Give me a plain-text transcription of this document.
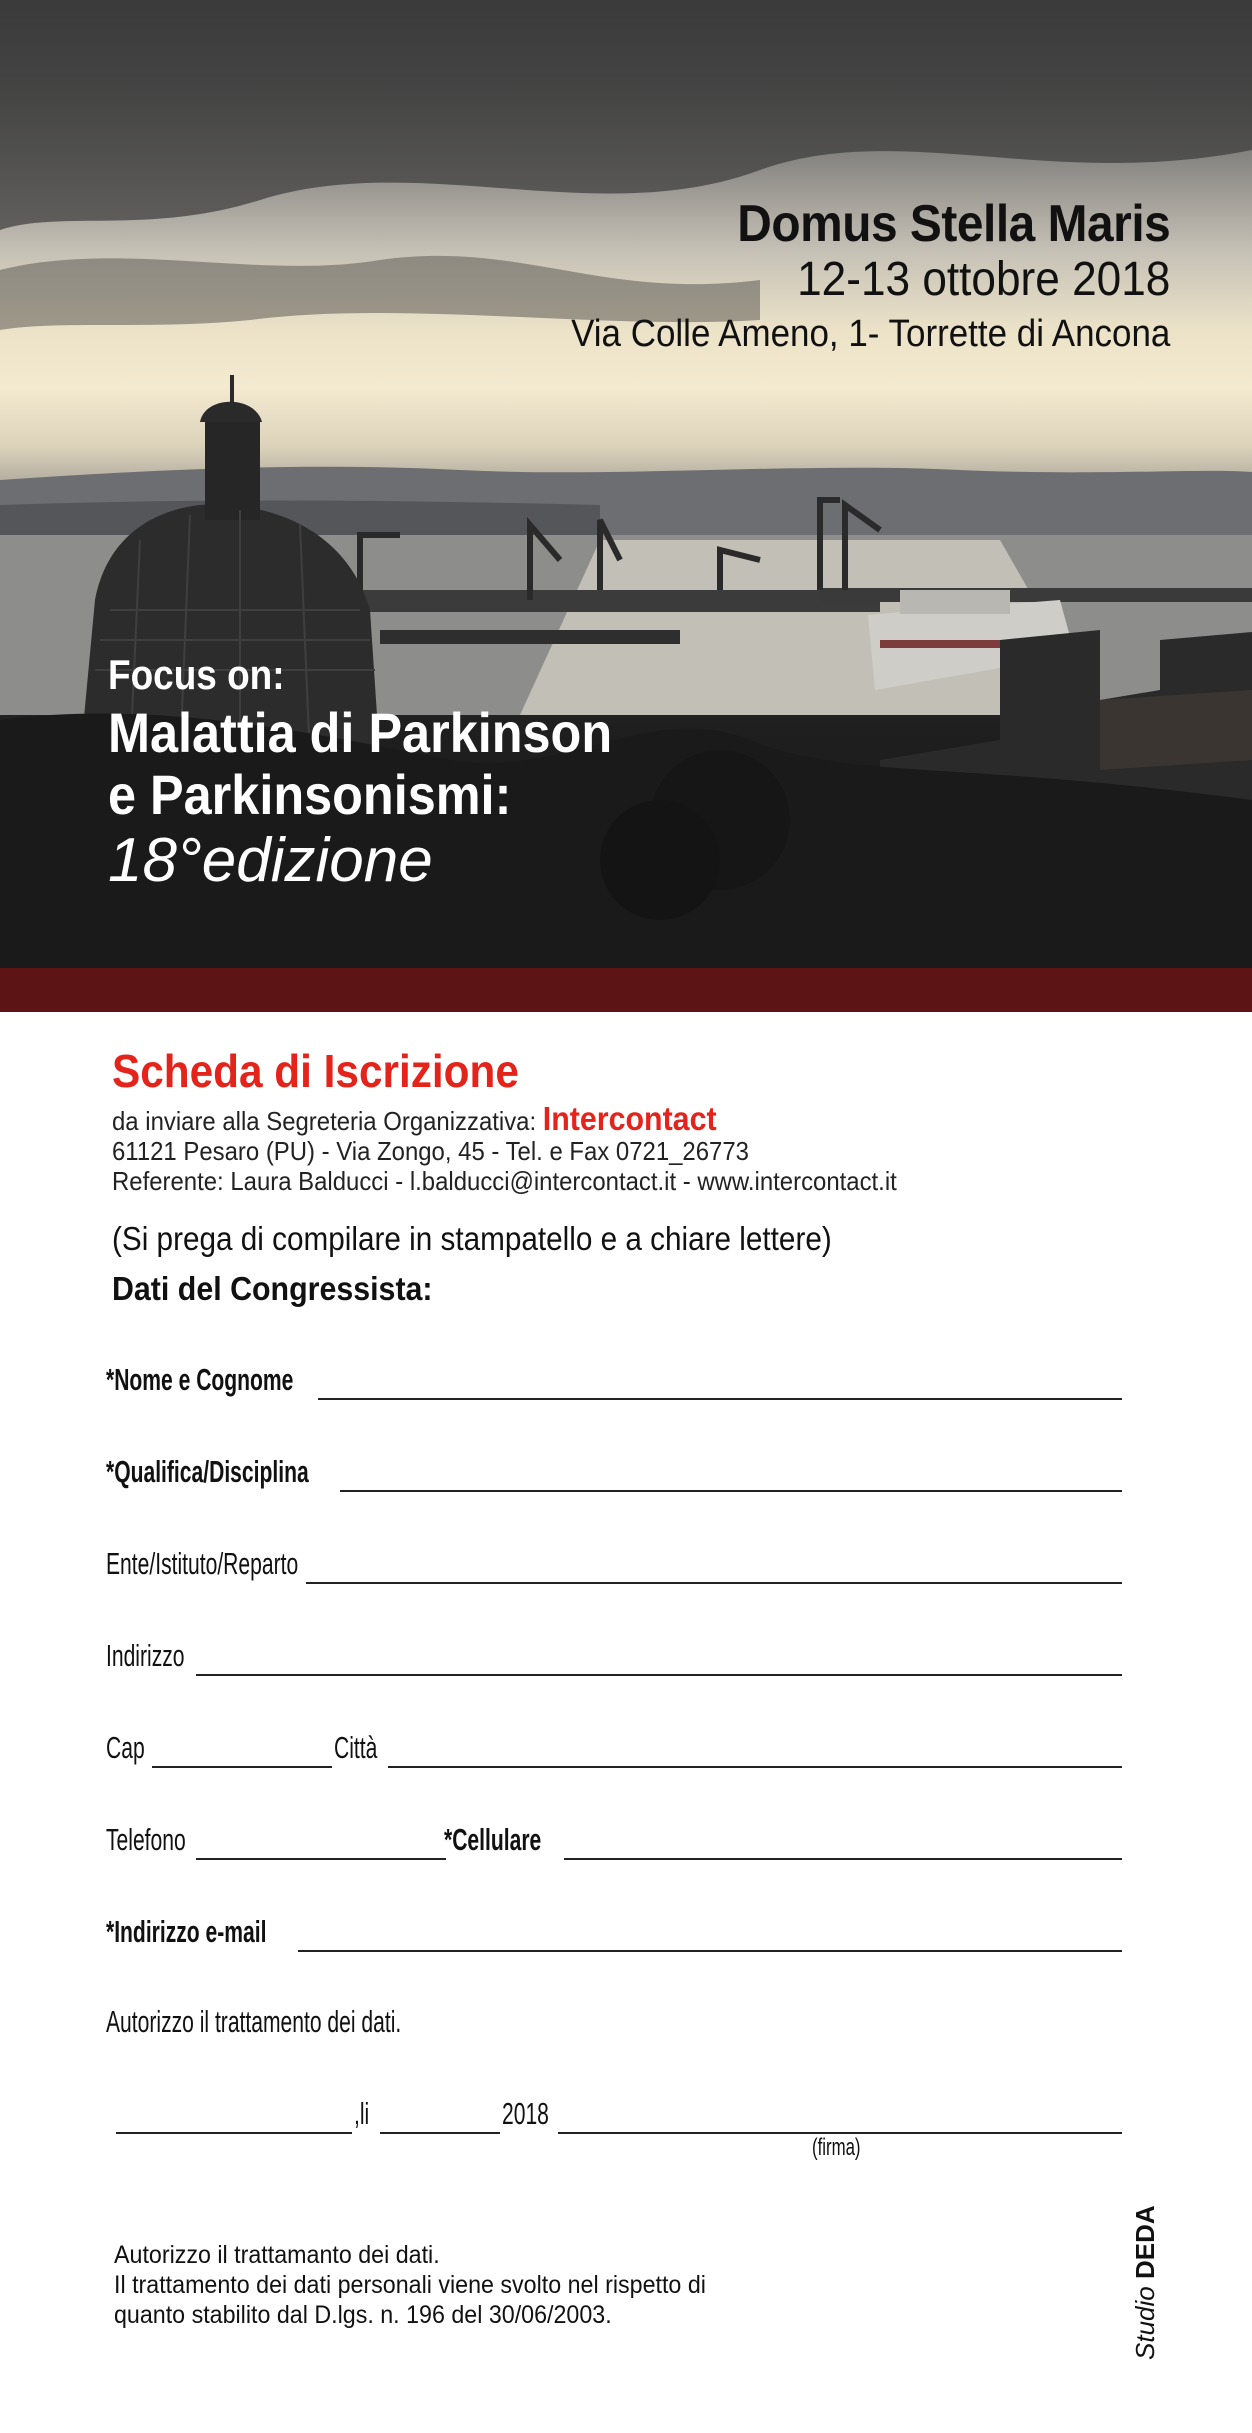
Domus Stella Maris
12-13 ottobre 2018
Via Colle Ameno, 1- Torrette di Ancona
Focus on:
Malattia di Parkinson
e Parkinsonismi:
18°edizione
Scheda di Iscrizione
da inviare alla Segreteria Organizzativa: Intercontact
61121 Pesaro (PU) - Via Zongo, 45 - Tel. e Fax 0721_26773
Referente: Laura Balducci - l.balducci@intercontact.it - www.intercontact.it
(Si prega di compilare in stampatello e a chiare lettere)
Dati del Congressista:
*Nome e Cognome
*Qualifica/Disciplina
Ente/Istituto/Reparto
Indirizzo
Cap	Città
Telefono	*Cellulare
*Indirizzo e-mail
Autorizzo il trattamento dei dati.
,li	2018
(firma)
Autorizzo il trattamanto dei dati.
Il trattamento dei dati personali viene svolto nel rispetto di
quanto stabilito dal D.lgs. n. 196 del 30/06/2003.	Studio DEDA
